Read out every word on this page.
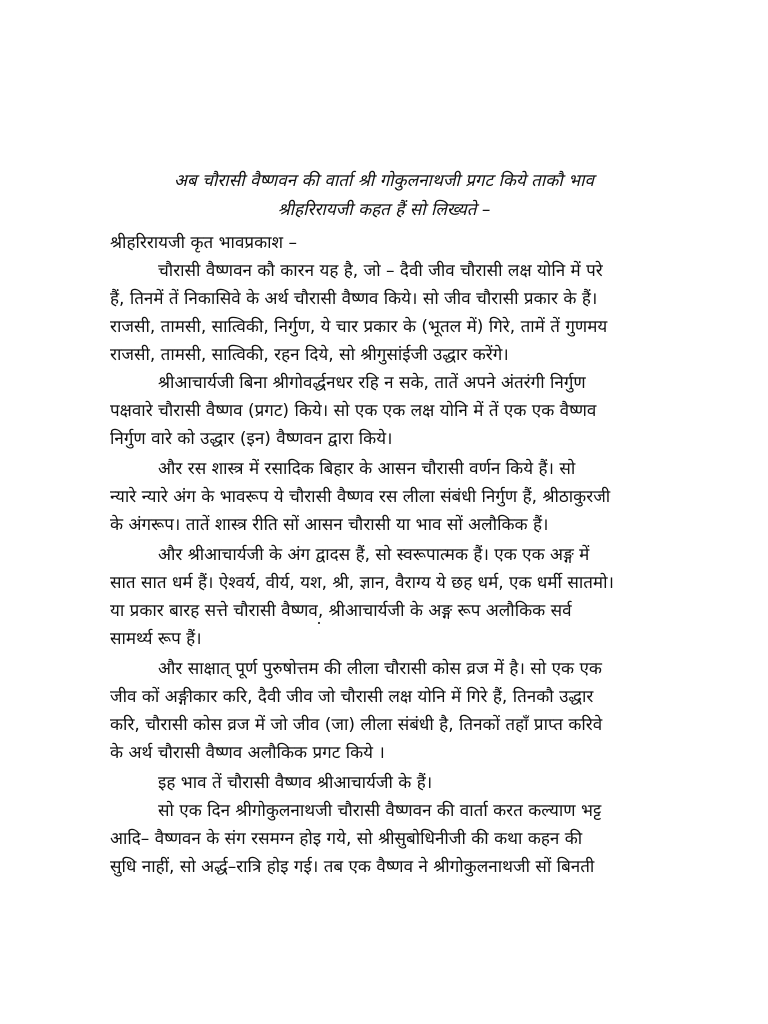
अब चौरासी वैष्णवन की वार्ता श्री गोकुलनाथजी प्रगट किये ताकौ भाव
श्रीहरिरायजी कहत हैं सो लिख्यते –
श्रीहरिरायजी कृत भावप्रकाश –
चौरासी वैष्णवन कौ कारन यह है, जो – दैवी जीव चौरासी लक्ष योनि में परे
हैं, तिनमें तें निकासिवे के अर्थ चौरासी वैष्णव किये। सो जीव चौरासी प्रकार के हैं।
राजसी, तामसी, सात्विकी, निर्गुण, ये चार प्रकार के (भूतल में) गिरे, तामें तें गुणमय
राजसी, तामसी, सात्विकी, रहन दिये, सो श्रीगुसांईजी उद्धार करेंगे।
श्रीआचार्यजी बिना श्रीगोवर्द्धनधर रहि न सके, तातें अपने अंतरंगी निर्गुण
पक्षवारे चौरासी वैष्णव (प्रगट) किये। सो एक एक लक्ष योनि में तें एक एक वैष्णव
निर्गुण वारे को उद्धार (इन) वैष्णवन द्वारा किये।
और रस शास्त्र में रसादिक बिहार के आसन चौरासी वर्णन किये हैं। सो
न्यारे न्यारे अंग के भावरूप ये चौरासी वैष्णव रस लीला संबंधी निर्गुण हैं, श्रीठाकुरजी
के अंगरूप। तातें शास्त्र रीति सों आसन चौरासी या भाव सों अलौकिक हैं।
और श्रीआचार्यजी के अंग द्वादस हैं, सो स्वरूपात्मक हैं। एक एक अङ्ग में
सात सात धर्म हैं। ऐश्वर्य, वीर्य, यश, श्री, ज्ञान, वैराग्य ये छह धर्म, एक धर्मी सातमो।
या प्रकार बारह सत्ते चौरासी वैष्णव, श्रीआचार्यजी के अङ्ग रूप अलौकिक सर्व
सामर्थ्य रूप हैं।
और साक्षात् पूर्ण पुरुषोत्तम की लीला चौरासी कोस व्रज में है। सो एक एक
जीव कों अङ्गीकार करि, दैवी जीव जो चौरासी लक्ष योनि में गिरे हैं, तिनकौ उद्धार
करि, चौरासी कोस व्रज में जो जीव (जा) लीला संबंधी है, तिनकों तहाँ प्राप्त करिवे
के अर्थ चौरासी वैष्णव अलौकिक प्रगट किये ।
इह भाव तें चौरासी वैष्णव श्रीआचार्यजी के हैं।
सो एक दिन श्रीगोकुलनाथजी चौरासी वैष्णवन की वार्ता करत कल्याण भट्ट
आदि– वैष्णवन के संग रसमग्न होइ गये, सो श्रीसुबोधिनीजी की कथा कहन की
सुधि नाहीं, सो अर्द्ध–रात्रि होइ गई। तब एक वैष्णव ने श्रीगोकुलनाथजी सों बिनती
